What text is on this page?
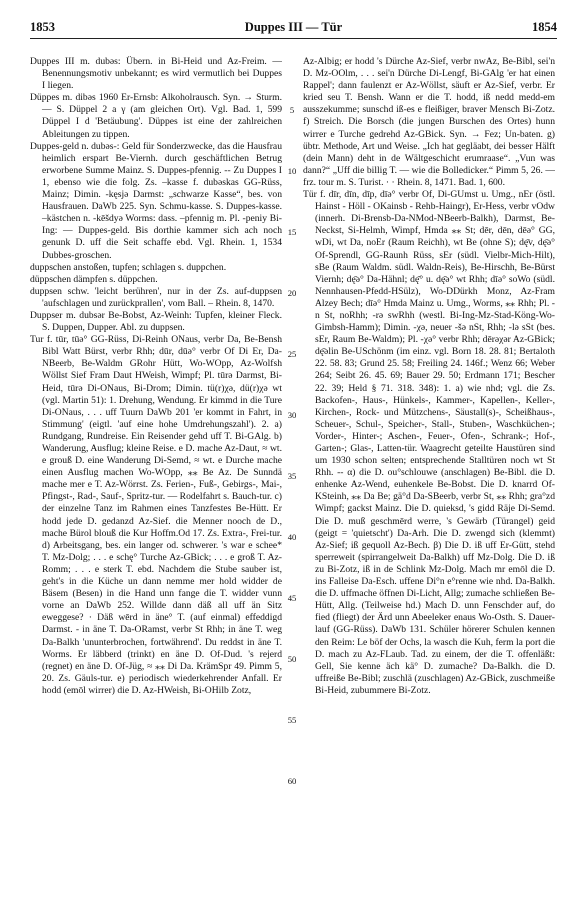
1853	Duppes III — Tür	1854

Duppes III m. dubəs: Übern. in Bi-Heid und Az-Freim. — Benennungsmotiv unbekannt; es wird vermutlich bei Duppes I liegen.

Düppes m. dibəs 1960 Er-Ernsb: Alkoholrausch. Syn. → Sturm. — S. Düppel 2 a γ (am gleichen Ort). Vgl. Bad. 1, 599 Düppel I d 'Betäubung'. Düppes ist eine der zahlreichen Ableitungen zu tippen.

Duppes-geld n. dubəs-: Geld für Sonderzwecke, das die Hausfrau heimlich erspart Be-Viernh. durch geschäftlichen Betrug erworbene Summe Mainz. S. Duppes-pfennig. -- Zu Duppes I 1, ebenso wie die folg. Zs. –kasse f. dubəskas GG-Rüss, Mainz; Dimin. -kęsjə Darmst: „schwarze Kasse“, bes. von Hausfrauen. DaWb 225. Syn. Schmu-kasse. S. Duppes-kasse. –kästchen n. -kēšdyə Worms: dass. –pfennig m. Pl. -peniy Bi-Ing: — Duppes-geld. Bis dorthie kammer sich ach noch genunk D. uff die Seit schaffe ebd. Vgl. Rhein. 1, 1534 Dubbes-groschen.

duppschen anstoßen, tupfen; schlagen s. duppchen.

düppschen dämpfen s. düppchen.

duppsen schw. 'leicht berühren', nur in der Zs. auf-duppsen 'aufschlagen und zurückprallen', vom Ball. – Rhein. 8, 1470.

Duppser m. dubsər Be-Bobst, Az-Weinh: Tupfen, kleiner Fleck. S. Duppen, Dupper. Abl. zu duppsen.

Tur f. tūr, tūə° GG-Rüss, Di-Reinh ONaus, verbr Da, Be-Bensh Bibl Watt Bürst, verbr Rhh; dūr, dūə° verbr Of Di Er, Da-NBeerb, Be-Waldm GRohr Hütt, Wo-WOpp, Az-Wolfsh Wöllst Sief Fram Daut HWeish, Wimpf; Pl. tūrə Darmst, Bi-Heid, tūrə Di-ONaus, Bi-Drom; Dimin. tü(r)χə, dü(r)χə wt (vgl. Martin 51): 1. Drehung, Wendung. Er kimmd in die Ture Di-ONaus, . . . uff Tuurn DaWb 201 'er kommt in Fahrt, in Stimmung' (eigtl. 'auf eine hohe Umdrehungszahl'). 2. a) Rundgang, Rundreise. Ein Reisender gehd uff T. Bi-GAlg. b) Wanderung, Ausflug; kleine Reise. e D. mache Az-Daut, ≈ wt. e grouß D. eine Wanderung Di-Semd, ≈ wt. e Durche mache einen Ausflug machen Wo-WOpp, ⁎⁎ Be Az. De Sunndä mache mer e T. Az-Wörrst. Zs. Ferien-, Fuß-, Gebirgs-, Mai-, Pfingst-, Rad-, Sauf-, Spritz-tur. — Rodelfahrt s. Bauch-tur. c) der einzelne Tanz im Rahmen eines Tanzfestes Be-Hütt. Er hodd jede D. gedanzd Az-Sief. die Menner nooch de D., mache Bürol blouß die Kur Hoffm.Od 17. Zs. Extra-, Frei-tur. d) Arbeitsgang, bes. ein langer od. schwerer. 's war e schee* T. Mz-Dolg; . . . e schę° Turche Az-GBick; . . . e groß T. Az-Romm; . . . e sterk T. ebd. Nachdem die Stube sauber ist, geht's in die Küche un dann nemme mer hold widder de Bäsem (Besen) in die Hand unn fange die T. widder vunn vorne an DaWb 252. Willde dann däß all uff än Sitz eweggese? · Däß wērd in äne° T. (auf einmal) effeddigd Darmst. - in äne T. Da-ORamst, verbr St Rhh; in äne T. weg Da-Balkh 'ununterbrochen, fortwährend'. Du reddst in äne T. Worms. Er läbberd (trinkt) en äne D. Of-Dud. 's rejerd (regnet) en äne D. Of-Jüg, ≈ ⁎⁎ Di Da. KrämSpr 49. Pimm 5, 20. Zs. Gäuls-tur. e) periodisch wiederkehrender Anfall. Er hodd (emōl wirrer) die D. Az-HWeish, Bi-OHilb Zotz,

5
10
15
20
25
30
35
40
45
50
55
60

Az-Albig; er hodd 's Dürche Az-Sief, verbr nwAz, Be-Bibl, sei'n D. Mz-OOlm, . . . sei'n Dürche Di-Lengf, Bi-GAlg 'er hat einen Rappel'; dann faulenzt er Az-Wöllst, säuft er Az-Sief, verbr. Er kried seu T. Bensh. Wann er die T. hodd, iß nedd medd-em ausszekumme; sunschd iß-es e fleißiger, braver Mensch Bi-Zotz. f) Streich. Die Borsch (die jungen Burschen des Ortes) hunn wirrer e Turche gedrehd Az-GBick. Syn. → Fez; Un-baten. g) übtr. Methode, Art und Weise. „Ich hat gegläabt, dei besser Hälft (dein Mann) deht in de Wältgeschicht erumraase“. „Vun was dann?“ „Uff die billig T. — wie die Bolledicker.“ Pimm 5, 26. — frz. tour m. S. Turist. · · Rhein. 8, 1471. Bad. 1, 600.

Tür f. dīr, dīn, dīp, dīə° verbr Of, Di-GUmst u. Umg., nEr (östl. Hainst - Höll - OKainsb - Rehb-Haingr), Er-Hess, verbr vOdw (innerh. Di-Brensb-Da-NMod-NBeerb-Balkh), Darmst, Be-Neckst, Si-Helmh, Wimpf, Hmda ⁎⁎ St; dēr, dēn, dēə° GG, wDi, wt Da, noEr (Raum Reichh), wt Be (ohne S); dę̄v, dę̄ə° Of-Sprendl, GG-Raunh Rüss, sEr (südl. Vielbr-Mich-Hilt), sBe (Raum Waldm. südl. Waldn-Reis), Be-Hirschh, Be-Bürst Viernh; dę̄ə° Da-Hähnl; dę̄° u. dę̄ə° wt Rhh; dīə° soWo (südl. Nennhausen-Pfedd-HSülz), Wo-DDürkh Monz, Az-Fram Alzey Bech; dīə° Hmda Mainz u. Umg., Worms, ⁎⁎ Rhh; Pl. -n St, noRhh; -rə swRhh (westl. Bi-Ing-Mz-Stad-Köng-Wo-Gimbsh-Hamm); Dimin. -χə, neuer -šə nSt, Rhh; -lə sSt (bes. sEr, Raum Be-Waldm); Pl. -χə° verbr Rhh; dērəχər Az-GBick; dę̄əlin Be-USchönm (im einz. vgl. Born 18. 28. 81; Bertaloth 22. 58. 83; Grund 25. 58; Freiling 24. 146f.; Wenz 66; Weber 264; Seibt 26. 45. 69; Bauer 29. 50; Erdmann 171; Bescher 22. 39; Held § 71. 318. 348): 1. a) wie nhd; vgl. die Zs. Backofen-, Haus-, Hünkels-, Kammer-, Kapellen-, Keller-, Kirchen-, Rock- und Mützchens-, Säustall(s)-, Scheißhaus-, Scheuer-, Schul-, Speicher-, Stall-, Stuben-, Waschküchen-; Vorder-, Hinter-; Aschen-, Feuer-, Ofen-, Schrank-; Hof-, Garten-; Glas-, Latten-tür. Waagrecht geteilte Haustüren sind um 1930 schon selten; entsprechende Stalltüren noch wt St Rhh. -- α) die D. ou°schlouwe (anschlagen) Be-Bibl. die D. enhenke Az-Wend, euhenkele Be-Bobst. Die D. knarrd Of-KSteinh, ⁎⁎ Da Be; gä°d Da-SBeerb, verbr St, ⁎⁎ Rhh; gra°zd Wimpf; gackst Mainz. Die D. quieksd, 's gidd Räje Di-Semd. Die D. muß geschmērd werre, 's Gewärb (Türangel) geid (geigt = 'quietscht') Da-Arh. Die D. zwengd sich (klemmt) Az-Sief; iß gequoll Az-Bech. β) Die D. iß uff Er-Gütt, stehd sperreweit (spirrangelweit Da-Balkh) uff Mz-Dolg. Die D. iß zu Bi-Zotz, iß in de Schlink Mz-Dolg. Mach mr emōl die D. ins Falleise Da-Esch. uffene Di°n e°renne wie nhd. Da-Balkh. die D. uffmache öffnen Di-Licht, Allg; zumache schließen Be-Hütt, Allg. (Teilweise hd.) Mach D. unn Fenschder auf, do fied (fliegt) der Ärd unn Abeeleker enaus Wo-Osth. S. Dauer-lauf (GG-Rüss). DaWb 131. Schüler hörerer Schulen kennen den Reim: Le böf der Ochs, la wasch die Kuh, ferm la port die D. mach zu Az-FLaub. Tad. zu einem, der die T. offenläßt: Gell, Sie kenne äch kä° D. zumache? Da-Balkh. die D. uffreiße Be-Bibl; zuschlä (zuschlagen) Az-GBick, zuschmeiße Bi-Heid, zubummere Bi-Zotz.
